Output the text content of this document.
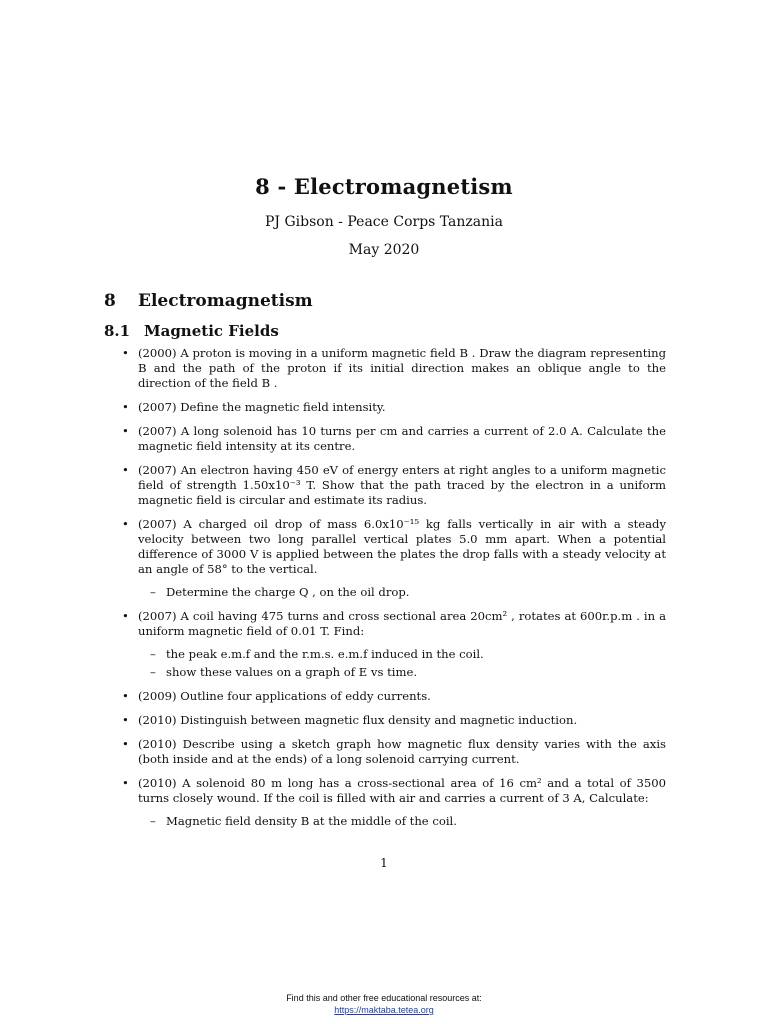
8 - Electromagnetism
PJ Gibson - Peace Corps Tanzania
May 2020
8 Electromagnetism
8.1 Magnetic Fields
• (2000) A proton is moving in a uniform magnetic field B . Draw the diagram representing B and the path of the proton if its initial direction makes an oblique angle to the direction of the field B .
• (2007) Define the magnetic field intensity.
• (2007) A long solenoid has 10 turns per cm and carries a current of 2.0 A. Calculate the magnetic field intensity at its centre.
• (2007) An electron having 450 eV of energy enters at right angles to a uniform magnetic field of strength 1.50x10⁻³ T. Show that the path traced by the electron in a uniform magnetic field is circular and estimate its radius.
• (2007) A charged oil drop of mass 6.0x10⁻¹⁵ kg falls vertically in air with a steady velocity between two long parallel vertical plates 5.0 mm apart. When a potential difference of 3000 V is applied between the plates the drop falls with a steady velocity at an angle of 58° to the vertical.
– Determine the charge Q , on the oil drop.
• (2007) A coil having 475 turns and cross sectional area 20cm² , rotates at 600r.p.m . in a uniform magnetic field of 0.01 T. Find:
– the peak e.m.f and the r.m.s. e.m.f induced in the coil.
– show these values on a graph of E vs time.
• (2009) Outline four applications of eddy currents.
• (2010) Distinguish between magnetic flux density and magnetic induction.
• (2010) Describe using a sketch graph how magnetic flux density varies with the axis (both inside and at the ends) of a long solenoid carrying current.
• (2010) A solenoid 80 m long has a cross-sectional area of 16 cm² and a total of 3500 turns closely wound. If the coil is filled with air and carries a current of 3 A, Calculate:
– Magnetic field density B at the middle of the coil.
1
Find this and other free educational resources at:
https://maktaba.tetea.org
